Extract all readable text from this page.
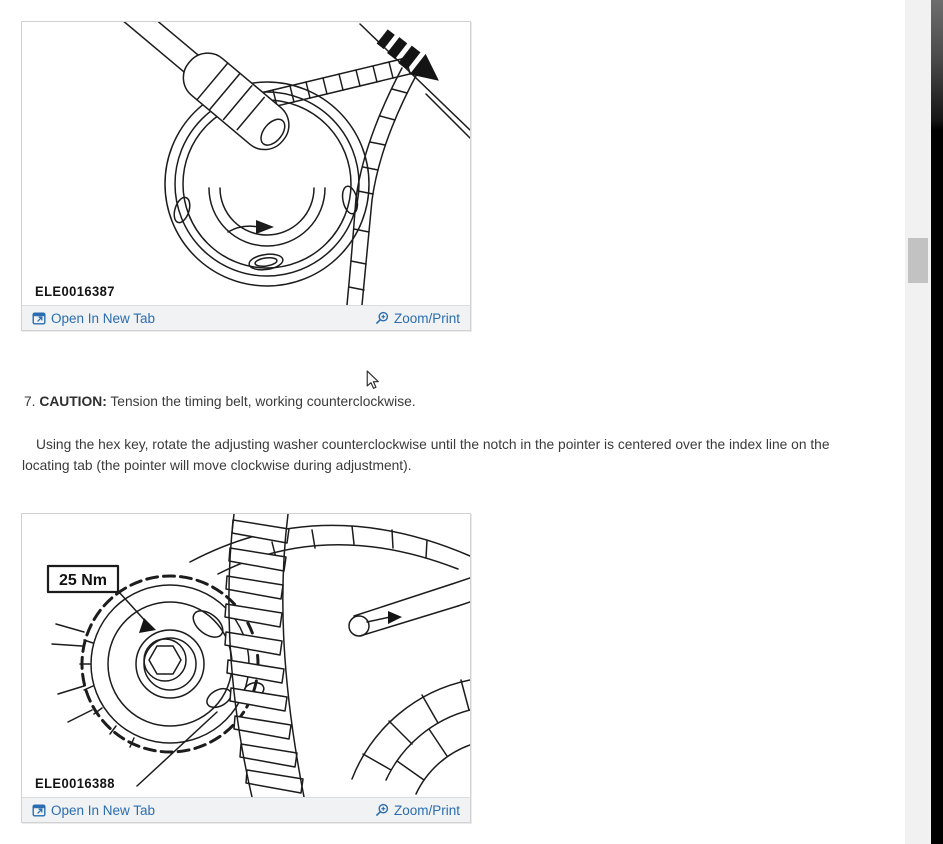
ELE0016387
Open In New Tab	Zoom/Print
7. CAUTION: Tension the timing belt, working counterclockwise.
Using the hex key, rotate the adjusting washer counterclockwise until the notch in the pointer is centered over the index line on the
locating tab (the pointer will move clockwise during adjustment).
25 Nm
ELE0016388
Open In New Tab	Zoom/Print
